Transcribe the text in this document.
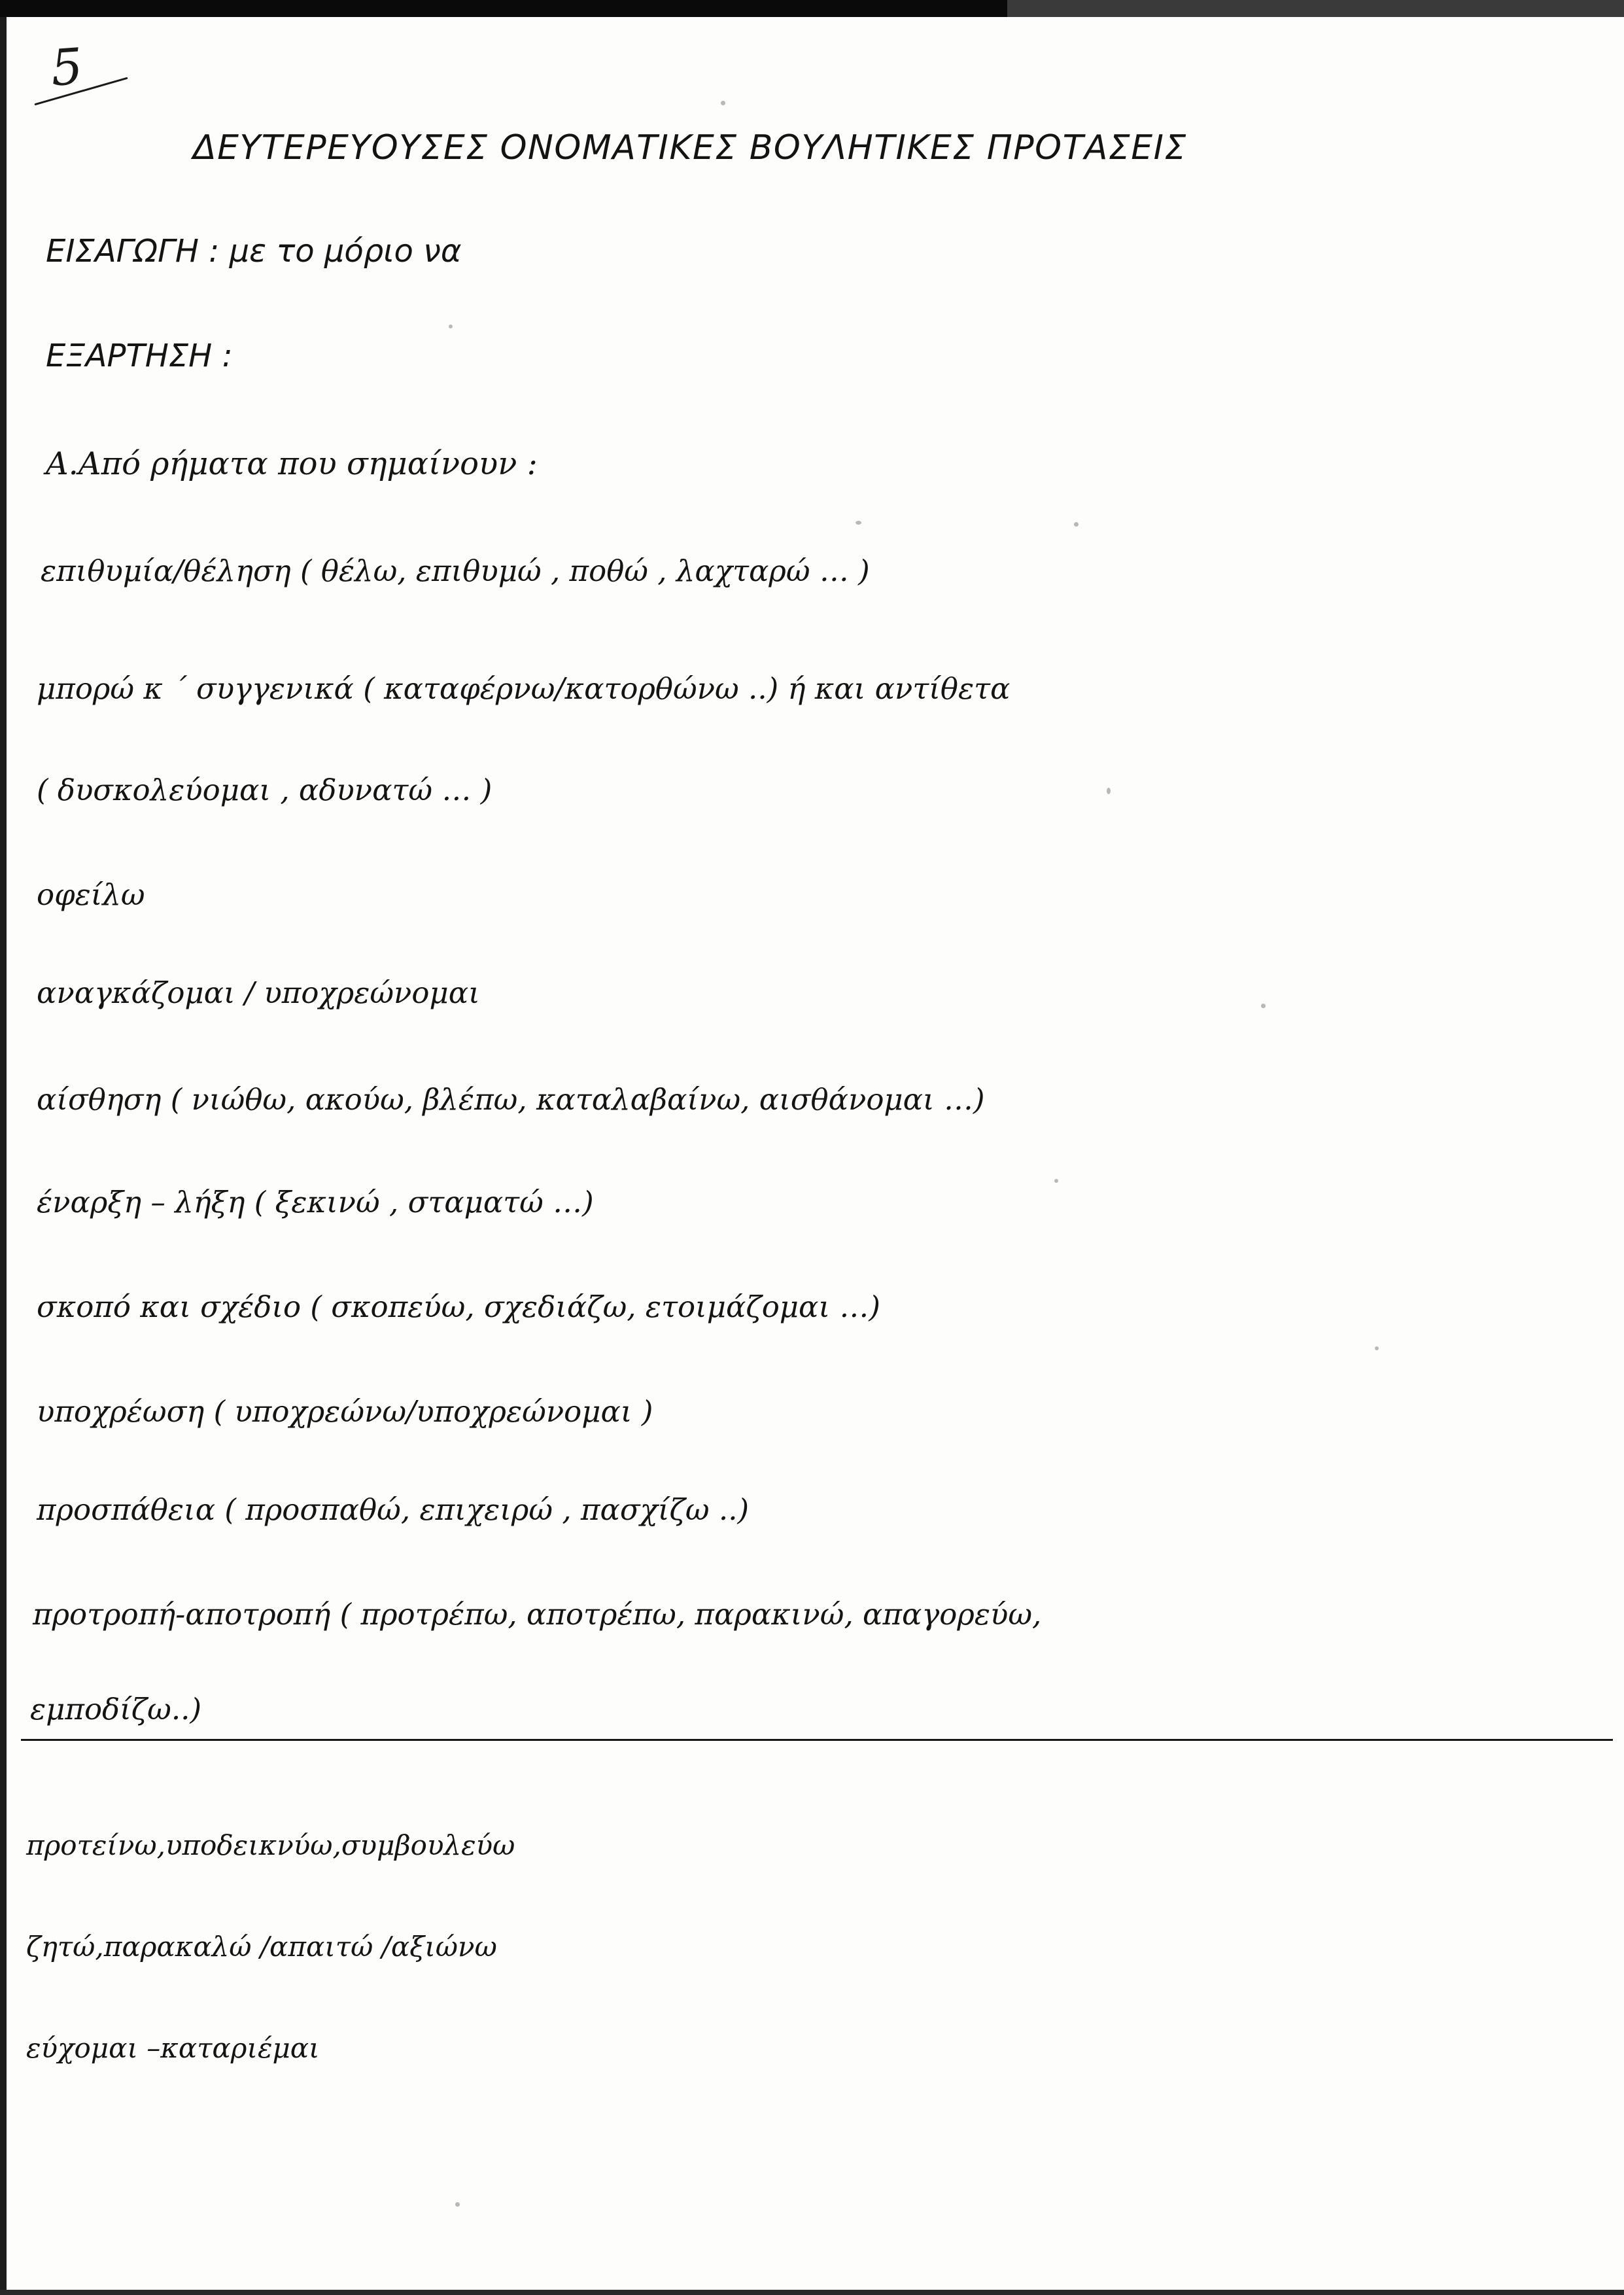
5
ΔΕΥΤΕΡΕΥΟΥΣΕΣ ΟΝΟΜΑΤΙΚΕΣ ΒΟΥΛΗΤΙΚΕΣ ΠΡΟΤΑΣΕΙΣ
ΕΙΣΑΓΩΓΗ : με το μόριο να
ΕΞΑΡΤΗΣΗ :
Α.Από ρήματα που σημαίνουν :
επιθυμία/θέληση ( θέλω, επιθυμώ , ποθώ , λαχταρώ … )
μπορώ κ ΄ συγγενικά ( καταφέρνω/κατορθώνω ..) ή και αντίθετα
( δυσκολεύομαι , αδυνατώ … )
οφείλω
αναγκάζομαι / υποχρεώνομαι
αίσθηση ( νιώθω, ακούω, βλέπω, καταλαβαίνω, αισθάνομαι …)
έναρξη – λήξη ( ξεκινώ , σταματώ …)
σκοπό και σχέδιο ( σκοπεύω, σχεδιάζω, ετοιμάζομαι …)
υποχρέωση ( υποχρεώνω/υποχρεώνομαι )
προσπάθεια ( προσπαθώ, επιχειρώ , πασχίζω ..)
προτροπή-αποτροπή ( προτρέπω, αποτρέπω, παρακινώ, απαγορεύω,
εμποδίζω..)
προτείνω,υποδεικνύω,συμβουλεύω
ζητώ,παρακαλώ /απαιτώ /αξιώνω
εύχομαι –καταριέμαι
